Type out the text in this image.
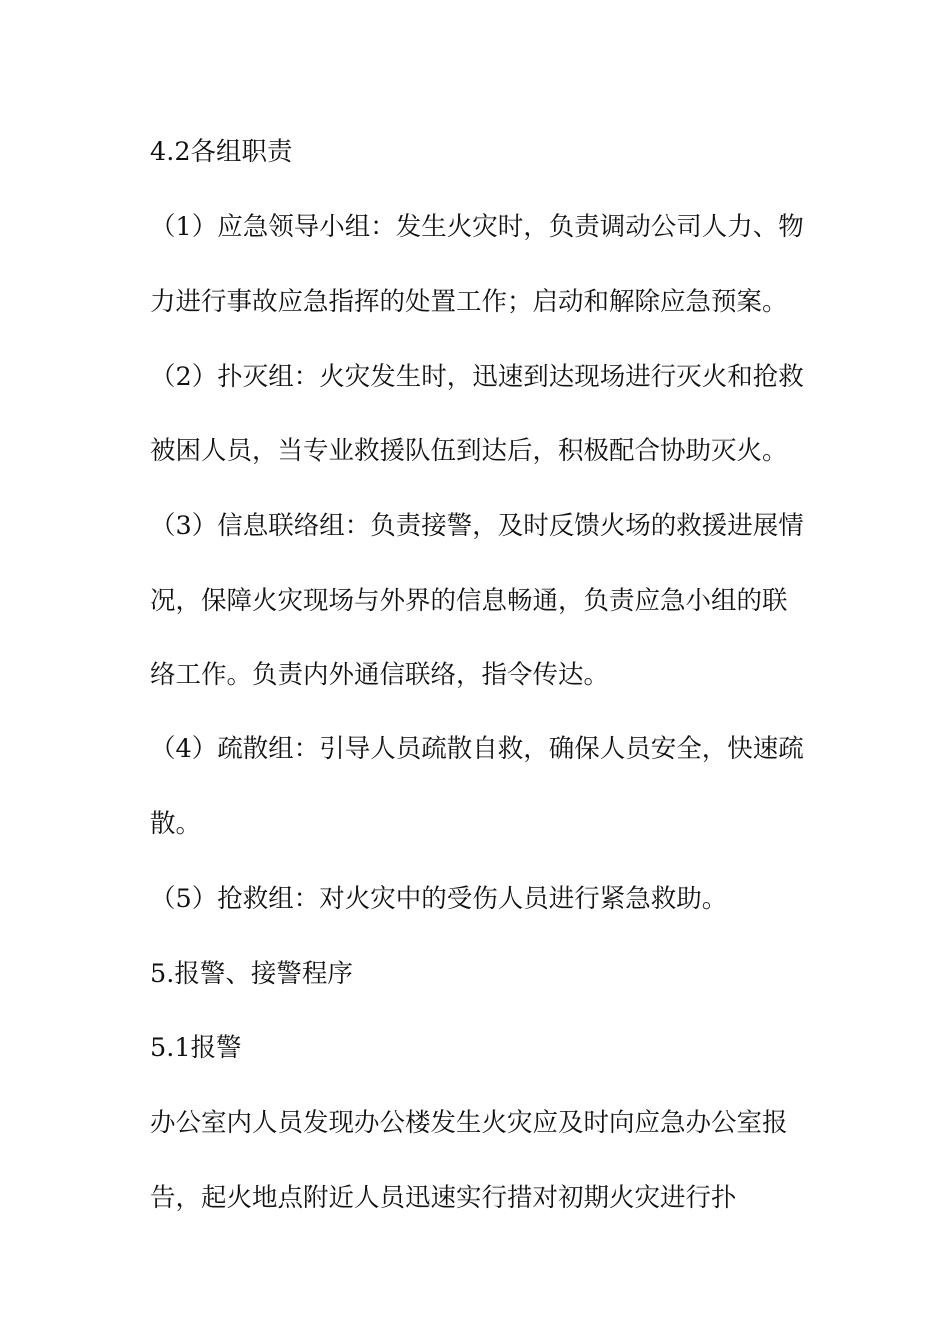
4.2各组职责

（1）应急领导小组：发生火灾时，负责调动公司人力、物

力进行事故应急指挥的处置工作；启动和解除应急预案。

（2）扑灭组：火灾发生时，迅速到达现场进行灭火和抢救

被困人员，当专业救援队伍到达后，积极配合协助灭火。

（3）信息联络组：负责接警，及时反馈火场的救援进展情

况，保障火灾现场与外界的信息畅通，负责应急小组的联

络工作。负责内外通信联络，指令传达。

（4）疏散组：引导人员疏散自救，确保人员安全，快速疏

散。

（5）抢救组：对火灾中的受伤人员进行紧急救助。

5.报警、接警程序

5.1报警

办公室内人员发现办公楼发生火灾应及时向应急办公室报

告，起火地点附近人员迅速实行措对初期火灾进行扑
